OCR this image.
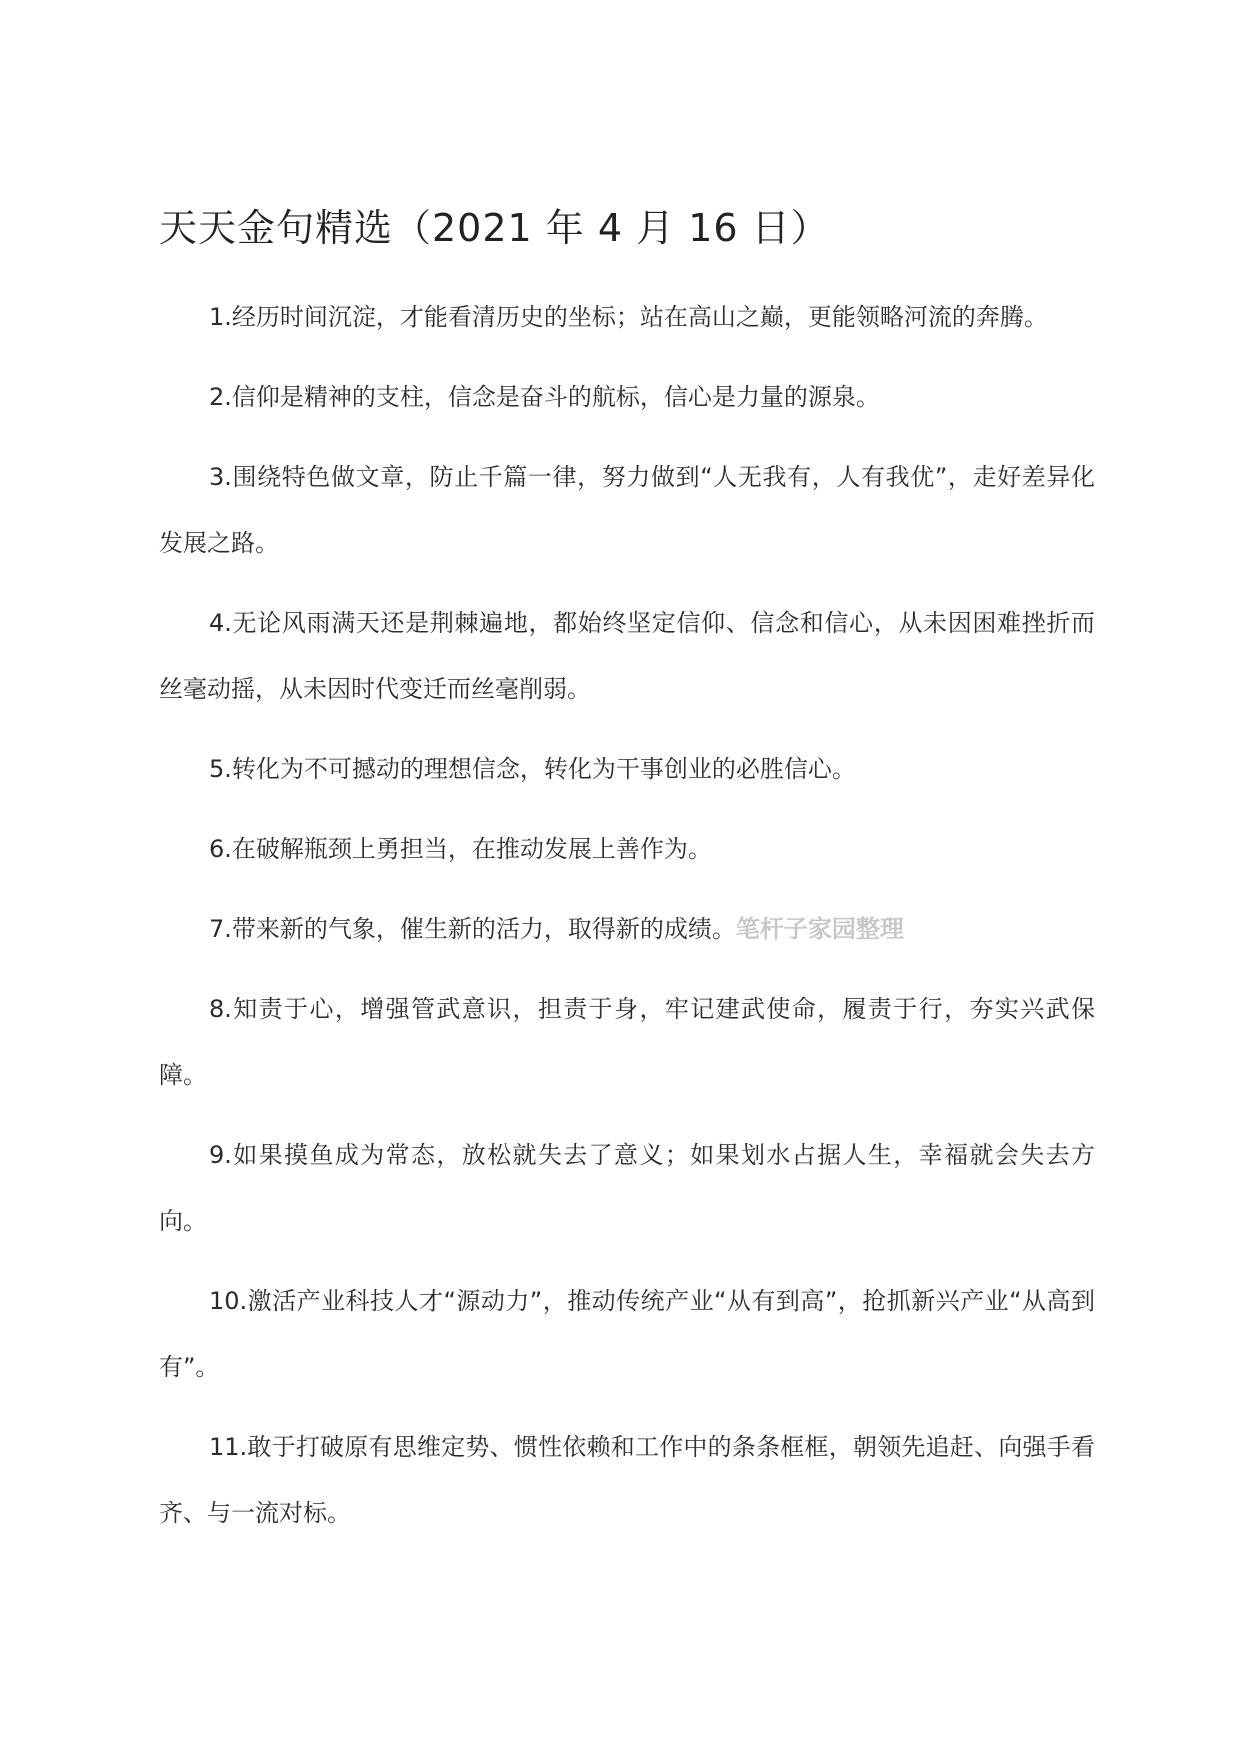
天天金句精选（2021 年 4 月 16 日）

1.经历时间沉淀，才能看清历史的坐标；站在高山之巅，更能领略河流的奔腾。

2.信仰是精神的支柱，信念是奋斗的航标，信心是力量的源泉。

3.围绕特色做文章，防止千篇一律，努力做到“人无我有，人有我优”，走好差异化发展之路。

4.无论风雨满天还是荆棘遍地，都始终坚定信仰、信念和信心，从未因困难挫折而丝毫动摇，从未因时代变迁而丝毫削弱。

5.转化为不可撼动的理想信念，转化为干事创业的必胜信心。

6.在破解瓶颈上勇担当，在推动发展上善作为。

7.带来新的气象，催生新的活力，取得新的成绩。笔杆子家园整理

8.知责于心，增强管武意识，担责于身，牢记建武使命，履责于行，夯实兴武保障。

9.如果摸鱼成为常态，放松就失去了意义；如果划水占据人生，幸福就会失去方向。

10.激活产业科技人才“源动力”，推动传统产业“从有到高”，抢抓新兴产业“从高到有”。

11.敢于打破原有思维定势、惯性依赖和工作中的条条框框，朝领先追赶、向强手看齐、与一流对标。
